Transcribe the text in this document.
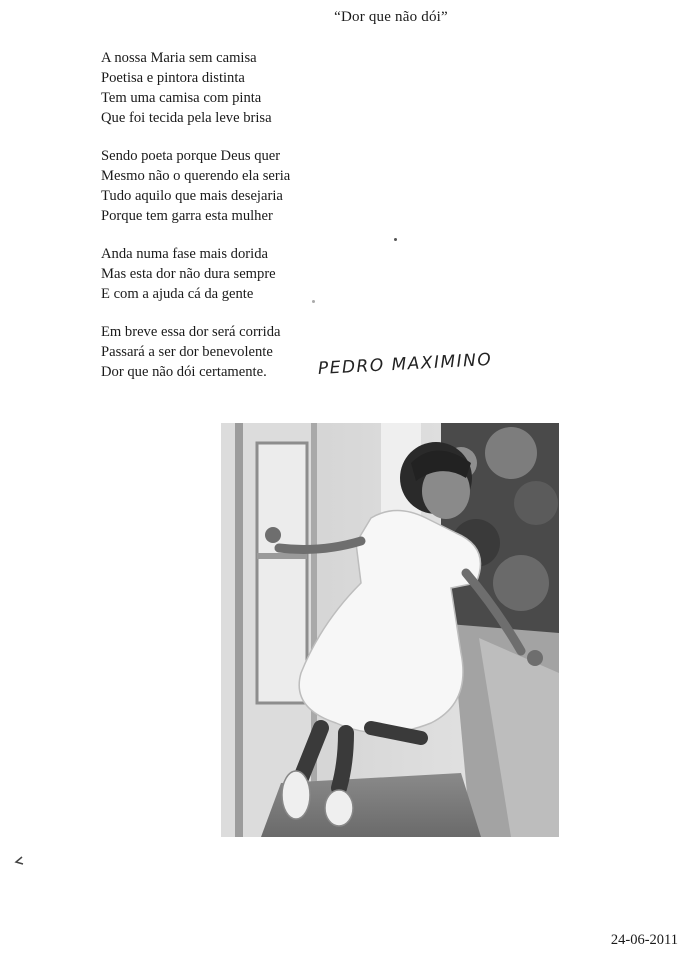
“Dor que não dói”
A nossa Maria sem camisa
Poetisa e pintora distinta
Tem uma camisa com pinta
Que foi tecida pela leve brisa
Sendo poeta porque Deus quer
Mesmo não o querendo ela seria
Tudo aquilo que mais desejaria
Porque tem garra esta mulher
Anda numa fase mais dorida
Mas esta dor não dura sempre
E com a ajuda cá da gente
Em breve essa dor será corrida
Passará a ser dor benevolente
Dor que não dói certamente.	PEDRO MAXIMINO
24-06-2011
